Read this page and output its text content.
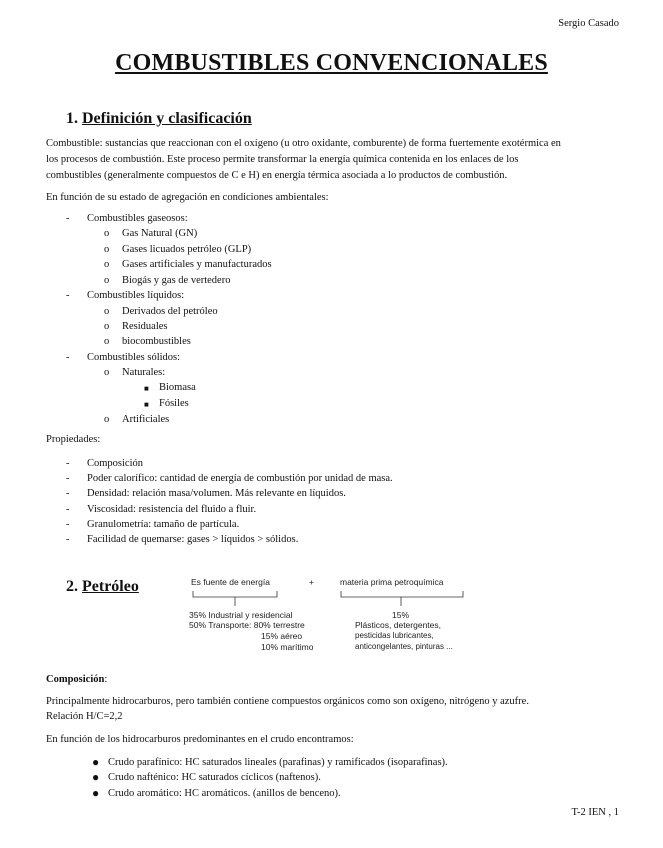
Sergio Casado
COMBUSTIBLES CONVENCIONALES
1. Definición y clasificación
Combustible: sustancias que reaccionan con el oxígeno (u otro oxidante, comburente) de forma fuertemente exotérmica en
los procesos de combustión. Este proceso permite transformar la energía química contenida en los enlaces de los
combustibles (generalmente compuestos de C e H) en energía térmica asociada a lo productos de combustión.
En función de su estado de agregación en condiciones ambientales:
- Combustibles gaseosos:
o Gas Natural (GN)
o Gases licuados petróleo (GLP)
o Gases artificiales y manufacturados
o Biogás y gas de vertedero
- Combustibles líquidos:
o Derivados del petróleo
o Residuales
o biocombustibles
- Combustibles sólidos:
o Naturales:
■ Biomasa
■ Fósiles
o Artificiales
Propiedades:
- Composición
- Poder calorífico: cantidad de energía de combustión por unidad de masa.
- Densidad: relación masa/volumen. Más relevante en líquidos.
- Viscosidad: resistencia del fluido a fluir.
- Granulometría: tamaño de partícula.
- Facilidad de quemarse: gases > líquidos > sólidos.
2. Petróleo	Es fuente de energía	+	materia prima petroquímica
35% Industrial y residencial
50% Transporte: 80% terrestre
15% aéreo
10% marítimo
15%
Plásticos, detergentes,
pesticidas lubricantes,
anticongelantes, pinturas ...
Composición:
Principalmente hidrocarburos, pero también contiene compuestos orgánicos como son oxígeno, nitrógeno y azufre.
Relación H/C=2,2
En función de los hidrocarburos predominantes en el crudo encontramos:
● Crudo parafínico: HC saturados lineales (parafinas) y ramificados (isoparafinas).
● Crudo nafténico: HC saturados cíclicos (naftenos).
● Crudo aromático: HC aromáticos. (anillos de benceno).
T-2 IEN , 1
